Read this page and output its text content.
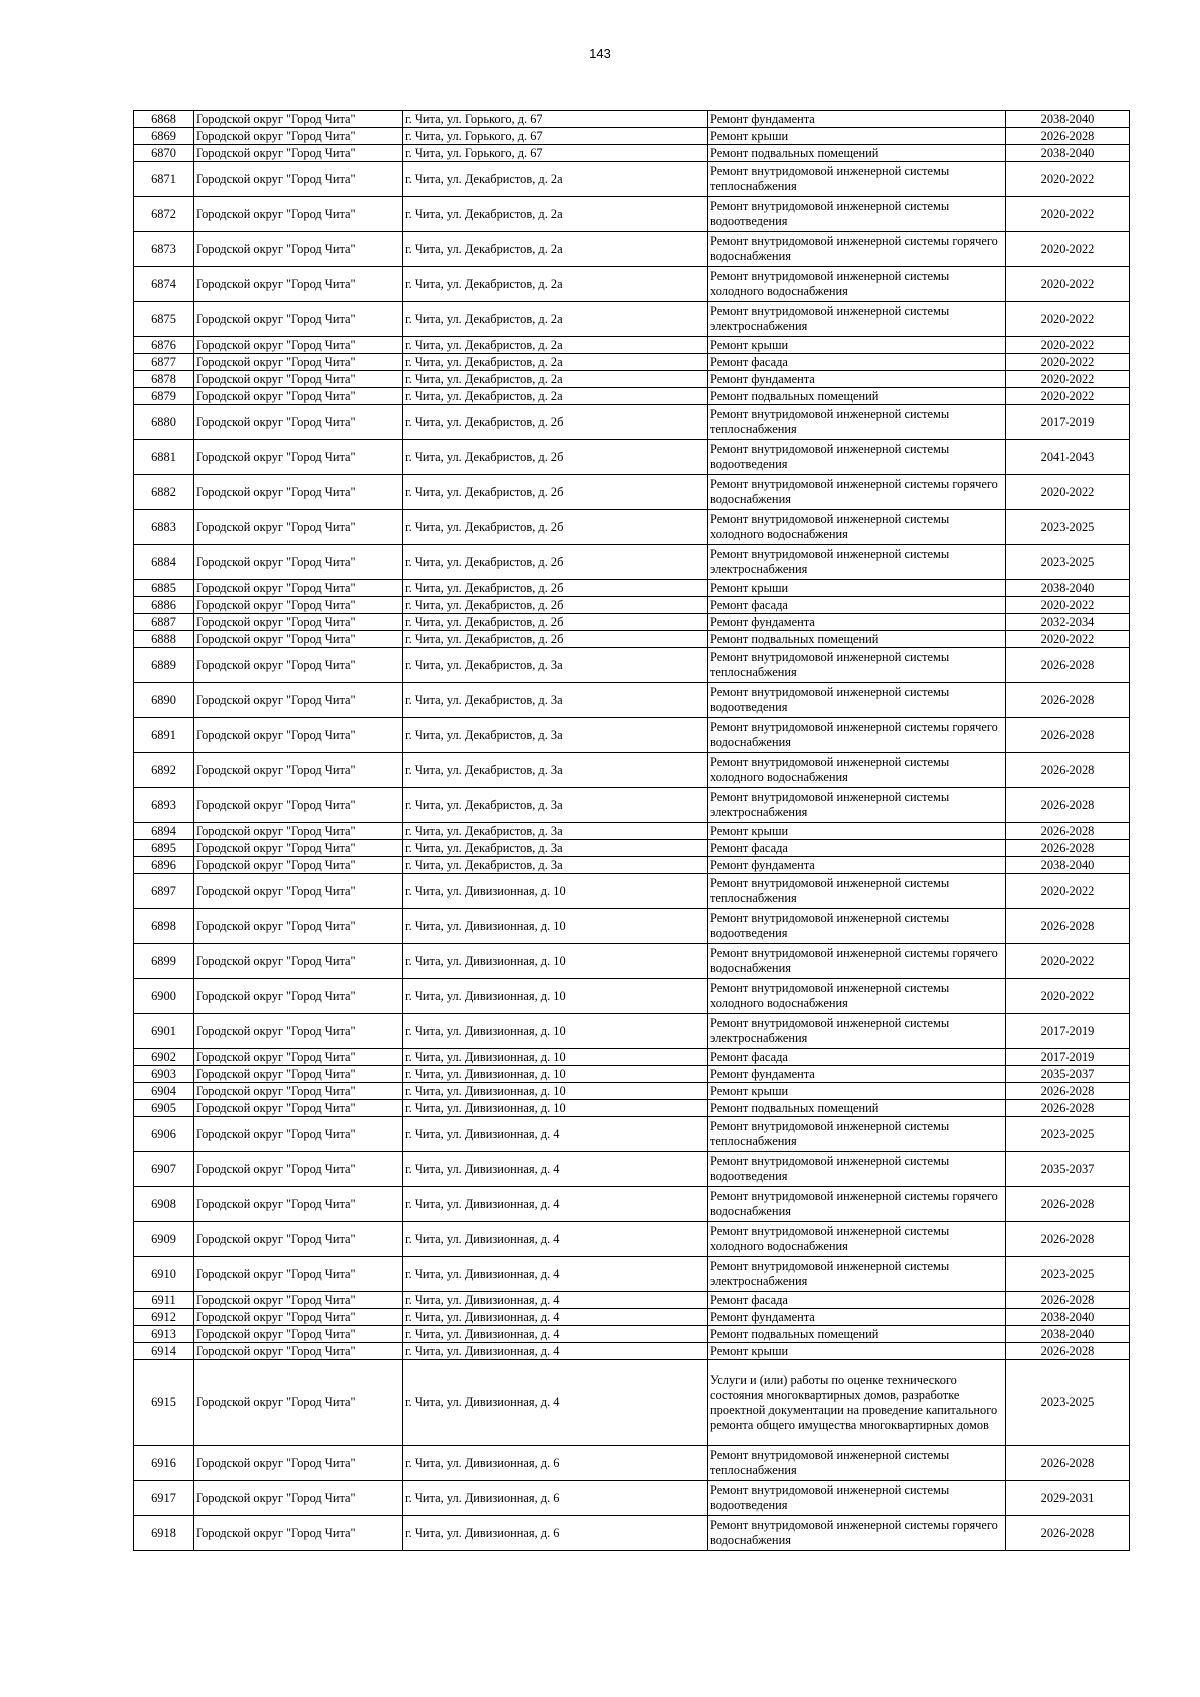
143
6868	Городской округ "Город Чита"	г. Чита, ул. Горького, д. 67	Ремонт фундамента	2038-2040
6869	Городской округ "Город Чита"	г. Чита, ул. Горького, д. 67	Ремонт крыши	2026-2028
6870	Городской округ "Город Чита"	г. Чита, ул. Горького, д. 67	Ремонт подвальных помещений	2038-2040
6871	Городской округ "Город Чита"	г. Чита, ул. Декабристов, д. 2а	Ремонт внутридомовой инженерной системы теплоснабжения	2020-2022
6872	Городской округ "Город Чита"	г. Чита, ул. Декабристов, д. 2а	Ремонт внутридомовой инженерной системы водоотведения	2020-2022
6873	Городской округ "Город Чита"	г. Чита, ул. Декабристов, д. 2а	Ремонт внутридомовой инженерной системы горячего водоснабжения	2020-2022
6874	Городской округ "Город Чита"	г. Чита, ул. Декабристов, д. 2а	Ремонт внутридомовой инженерной системы холодного водоснабжения	2020-2022
6875	Городской округ "Город Чита"	г. Чита, ул. Декабристов, д. 2а	Ремонт внутридомовой инженерной системы электроснабжения	2020-2022
6876	Городской округ "Город Чита"	г. Чита, ул. Декабристов, д. 2а	Ремонт крыши	2020-2022
6877	Городской округ "Город Чита"	г. Чита, ул. Декабристов, д. 2а	Ремонт фасада	2020-2022
6878	Городской округ "Город Чита"	г. Чита, ул. Декабристов, д. 2а	Ремонт фундамента	2020-2022
6879	Городской округ "Город Чита"	г. Чита, ул. Декабристов, д. 2а	Ремонт подвальных помещений	2020-2022
6880	Городской округ "Город Чита"	г. Чита, ул. Декабристов, д. 2б	Ремонт внутридомовой инженерной системы теплоснабжения	2017-2019
6881	Городской округ "Город Чита"	г. Чита, ул. Декабристов, д. 2б	Ремонт внутридомовой инженерной системы водоотведения	2041-2043
6882	Городской округ "Город Чита"	г. Чита, ул. Декабристов, д. 2б	Ремонт внутридомовой инженерной системы горячего водоснабжения	2020-2022
6883	Городской округ "Город Чита"	г. Чита, ул. Декабристов, д. 2б	Ремонт внутридомовой инженерной системы холодного водоснабжения	2023-2025
6884	Городской округ "Город Чита"	г. Чита, ул. Декабристов, д. 2б	Ремонт внутридомовой инженерной системы электроснабжения	2023-2025
6885	Городской округ "Город Чита"	г. Чита, ул. Декабристов, д. 2б	Ремонт крыши	2038-2040
6886	Городской округ "Город Чита"	г. Чита, ул. Декабристов, д. 2б	Ремонт фасада	2020-2022
6887	Городской округ "Город Чита"	г. Чита, ул. Декабристов, д. 2б	Ремонт фундамента	2032-2034
6888	Городской округ "Город Чита"	г. Чита, ул. Декабристов, д. 2б	Ремонт подвальных помещений	2020-2022
6889	Городской округ "Город Чита"	г. Чита, ул. Декабристов, д. 3а	Ремонт внутридомовой инженерной системы теплоснабжения	2026-2028
6890	Городской округ "Город Чита"	г. Чита, ул. Декабристов, д. 3а	Ремонт внутридомовой инженерной системы водоотведения	2026-2028
6891	Городской округ "Город Чита"	г. Чита, ул. Декабристов, д. 3а	Ремонт внутридомовой инженерной системы горячего водоснабжения	2026-2028
6892	Городской округ "Город Чита"	г. Чита, ул. Декабристов, д. 3а	Ремонт внутридомовой инженерной системы холодного водоснабжения	2026-2028
6893	Городской округ "Город Чита"	г. Чита, ул. Декабристов, д. 3а	Ремонт внутридомовой инженерной системы электроснабжения	2026-2028
6894	Городской округ "Город Чита"	г. Чита, ул. Декабристов, д. 3а	Ремонт крыши	2026-2028
6895	Городской округ "Город Чита"	г. Чита, ул. Декабристов, д. 3а	Ремонт фасада	2026-2028
6896	Городской округ "Город Чита"	г. Чита, ул. Декабристов, д. 3а	Ремонт фундамента	2038-2040
6897	Городской округ "Город Чита"	г. Чита, ул. Дивизионная, д. 10	Ремонт внутридомовой инженерной системы теплоснабжения	2020-2022
6898	Городской округ "Город Чита"	г. Чита, ул. Дивизионная, д. 10	Ремонт внутридомовой инженерной системы водоотведения	2026-2028
6899	Городской округ "Город Чита"	г. Чита, ул. Дивизионная, д. 10	Ремонт внутридомовой инженерной системы горячего водоснабжения	2020-2022
6900	Городской округ "Город Чита"	г. Чита, ул. Дивизионная, д. 10	Ремонт внутридомовой инженерной системы холодного водоснабжения	2020-2022
6901	Городской округ "Город Чита"	г. Чита, ул. Дивизионная, д. 10	Ремонт внутридомовой инженерной системы электроснабжения	2017-2019
6902	Городской округ "Город Чита"	г. Чита, ул. Дивизионная, д. 10	Ремонт фасада	2017-2019
6903	Городской округ "Город Чита"	г. Чита, ул. Дивизионная, д. 10	Ремонт фундамента	2035-2037
6904	Городской округ "Город Чита"	г. Чита, ул. Дивизионная, д. 10	Ремонт крыши	2026-2028
6905	Городской округ "Город Чита"	г. Чита, ул. Дивизионная, д. 10	Ремонт подвальных помещений	2026-2028
6906	Городской округ "Город Чита"	г. Чита, ул. Дивизионная, д. 4	Ремонт внутридомовой инженерной системы теплоснабжения	2023-2025
6907	Городской округ "Город Чита"	г. Чита, ул. Дивизионная, д. 4	Ремонт внутридомовой инженерной системы водоотведения	2035-2037
6908	Городской округ "Город Чита"	г. Чита, ул. Дивизионная, д. 4	Ремонт внутридомовой инженерной системы горячего водоснабжения	2026-2028
6909	Городской округ "Город Чита"	г. Чита, ул. Дивизионная, д. 4	Ремонт внутридомовой инженерной системы холодного водоснабжения	2026-2028
6910	Городской округ "Город Чита"	г. Чита, ул. Дивизионная, д. 4	Ремонт внутридомовой инженерной системы электроснабжения	2023-2025
6911	Городской округ "Город Чита"	г. Чита, ул. Дивизионная, д. 4	Ремонт фасада	2026-2028
6912	Городской округ "Город Чита"	г. Чита, ул. Дивизионная, д. 4	Ремонт фундамента	2038-2040
6913	Городской округ "Город Чита"	г. Чита, ул. Дивизионная, д. 4	Ремонт подвальных помещений	2038-2040
6914	Городской округ "Город Чита"	г. Чита, ул. Дивизионная, д. 4	Ремонт крыши	2026-2028
6915	Городской округ "Город Чита"	г. Чита, ул. Дивизионная, д. 4	Услуги и (или) работы по оценке технического состояния многоквартирных домов, разработке проектной документации на проведение капитального ремонта общего имущества многоквартирных домов	2023-2025
6916	Городской округ "Город Чита"	г. Чита, ул. Дивизионная, д. 6	Ремонт внутридомовой инженерной системы теплоснабжения	2026-2028
6917	Городской округ "Город Чита"	г. Чита, ул. Дивизионная, д. 6	Ремонт внутридомовой инженерной системы водоотведения	2029-2031
6918	Городской округ "Город Чита"	г. Чита, ул. Дивизионная, д. 6	Ремонт внутридомовой инженерной системы горячего водоснабжения	2026-2028
